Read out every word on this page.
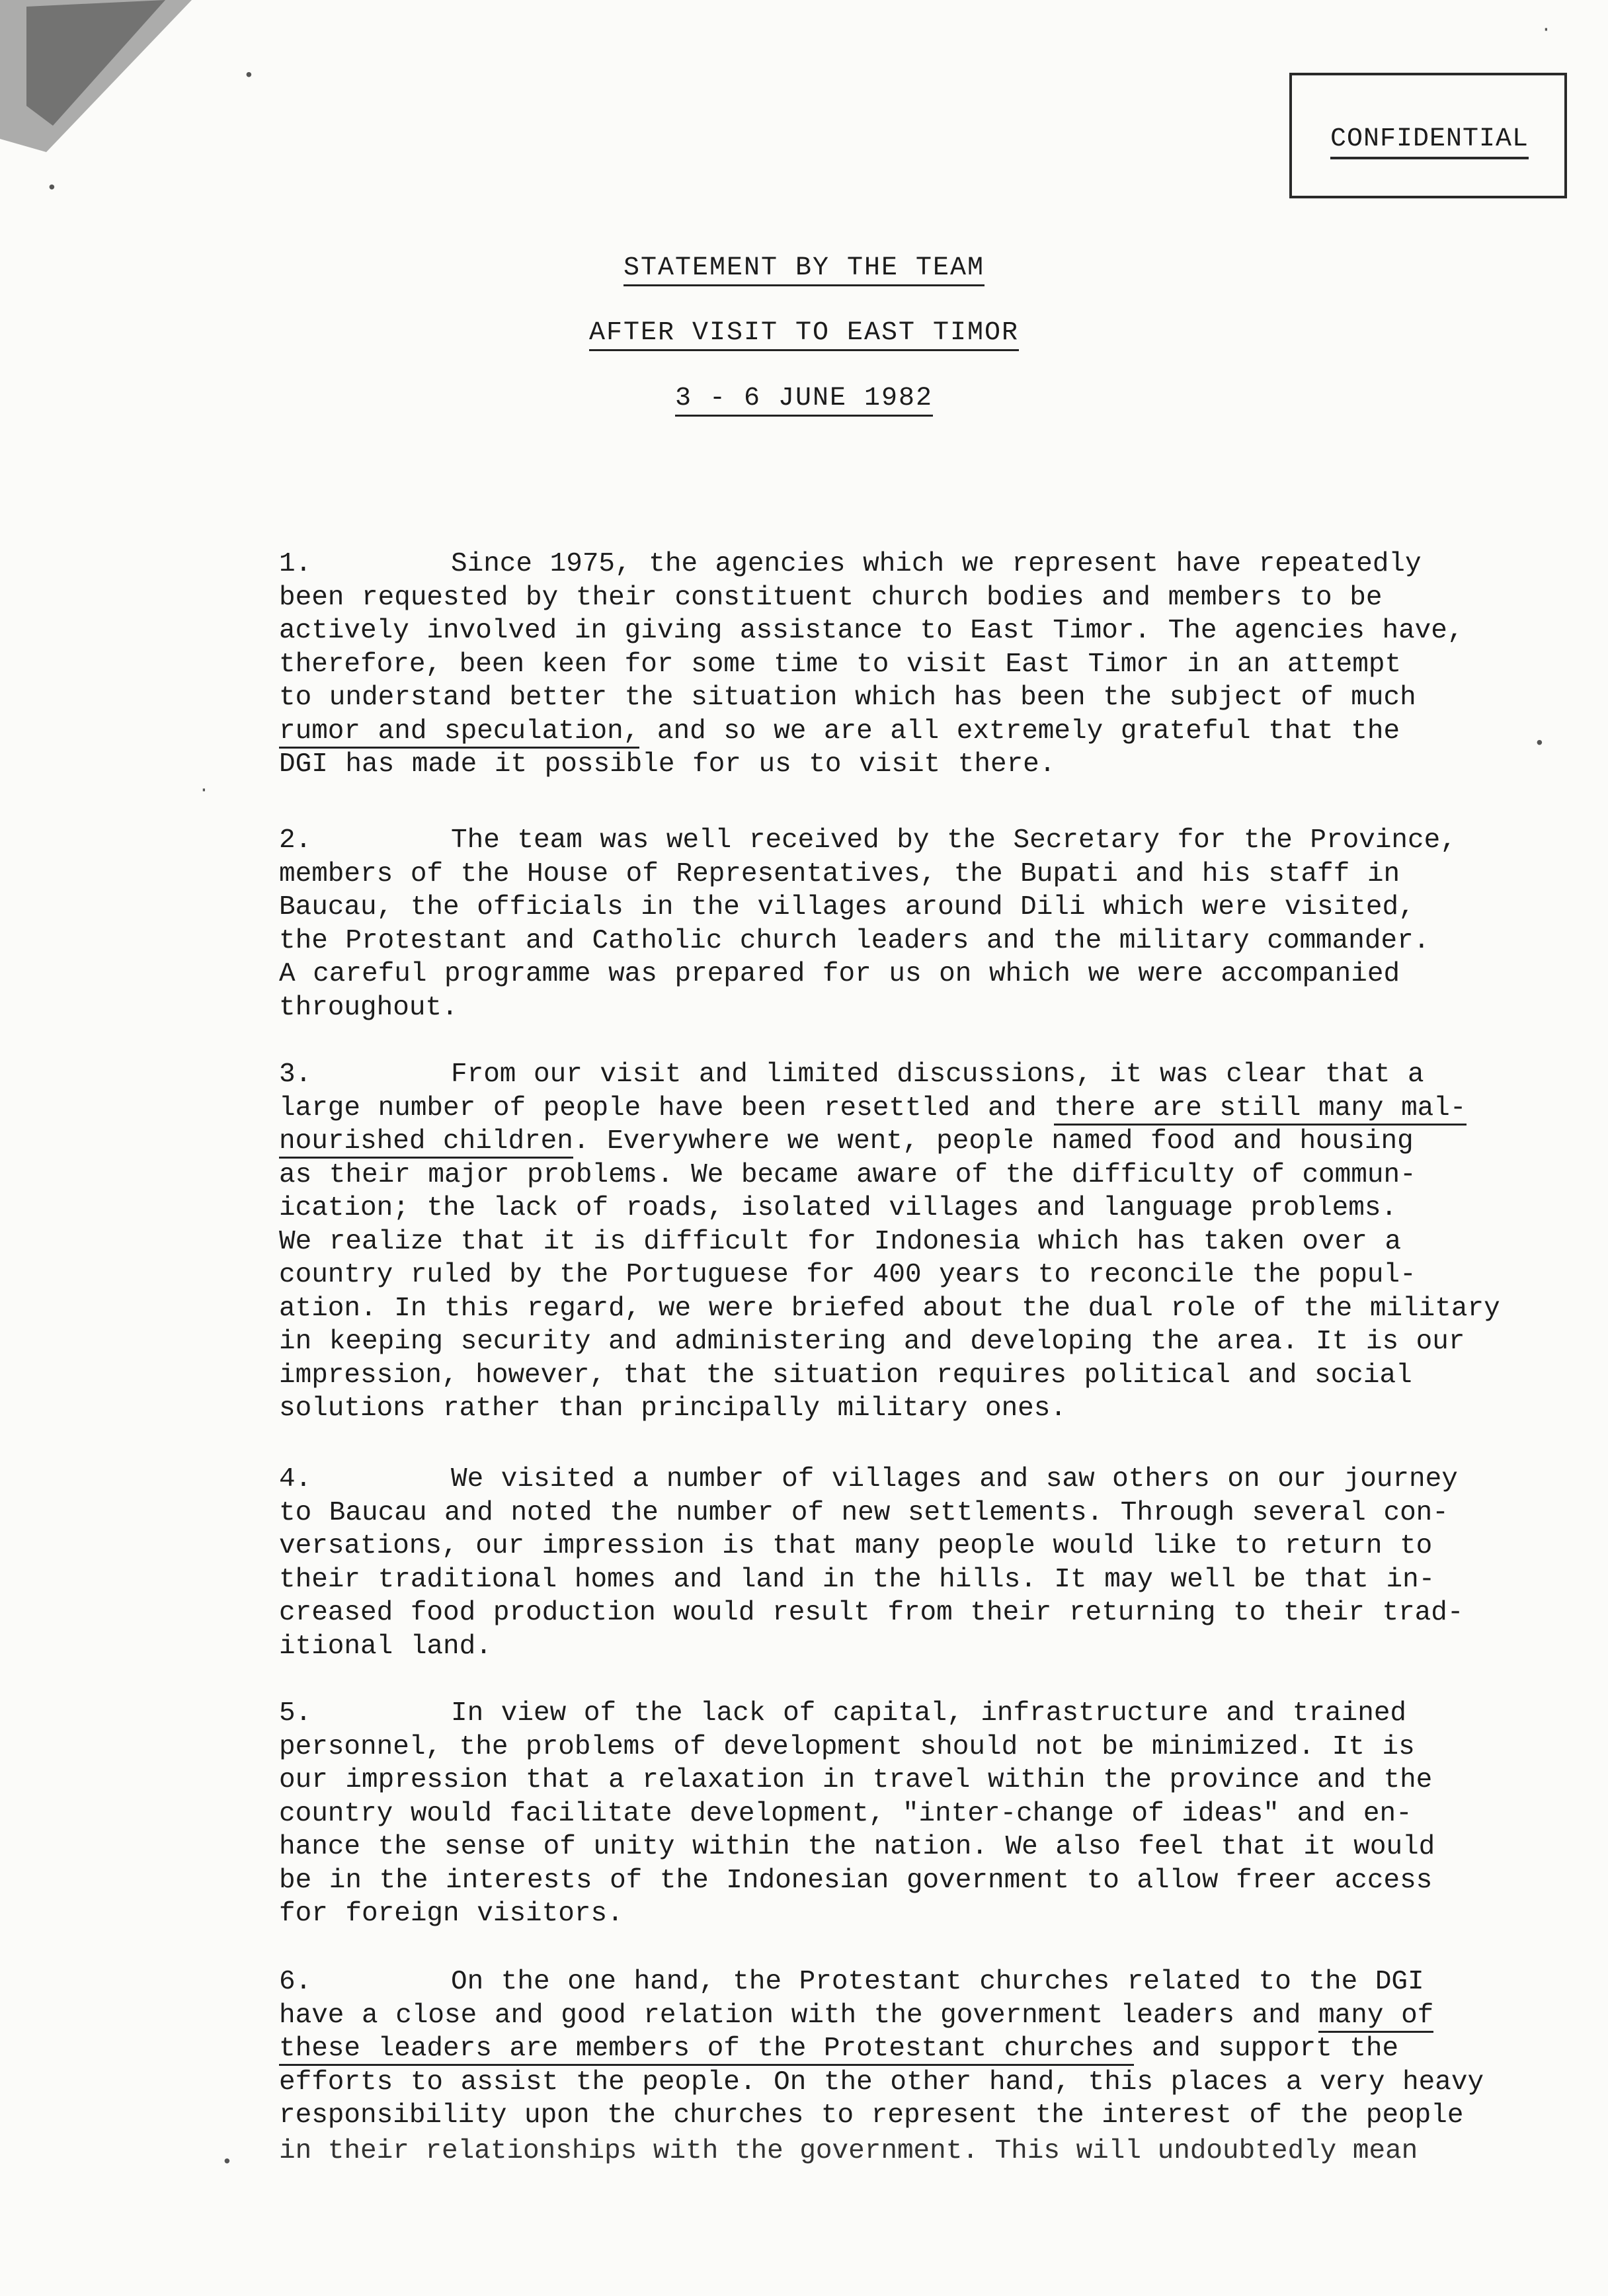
CONFIDENTIAL
STATEMENT BY THE TEAM
AFTER VISIT TO EAST TIMOR
3 - 6 JUNE 1982
1.	Since 1975, the agencies which we represent have repeatedly
been requested by their constituent church bodies and members to be
actively involved in giving assistance to East Timor. The agencies have,
therefore, been keen for some time to visit East Timor in an attempt
to understand better the situation which has been the subject of much
rumor and speculation, and so we are all extremely grateful that the
DGI has made it possible for us to visit there.
2.	The team was well received by the Secretary for the Province,
members of the House of Representatives, the Bupati and his staff in
Baucau, the officials in the villages around Dili which were visited,
the Protestant and Catholic church leaders and the military commander.
A careful programme was prepared for us on which we were accompanied
throughout.
3.	From our visit and limited discussions, it was clear that a
large number of people have been resettled and there are still many mal-
nourished children. Everywhere we went, people named food and housing
as their major problems. We became aware of the difficulty of commun-
ication; the lack of roads, isolated villages and language problems.
We realize that it is difficult for Indonesia which has taken over a
country ruled by the Portuguese for 400 years to reconcile the popul-
ation. In this regard, we were briefed about the dual role of the military
in keeping security and administering and developing the area. It is our
impression, however, that the situation requires political and social
solutions rather than principally military ones.
4.	We visited a number of villages and saw others on our journey
to Baucau and noted the number of new settlements. Through several con-
versations, our impression is that many people would like to return to
their traditional homes and land in the hills. It may well be that in-
creased food production would result from their returning to their trad-
itional land.
5.	In view of the lack of capital, infrastructure and trained
personnel, the problems of development should not be minimized. It is
our impression that a relaxation in travel within the province and the
country would facilitate development, "inter-change of ideas" and en-
hance the sense of unity within the nation. We also feel that it would
be in the interests of the Indonesian government to allow freer access
for foreign visitors.
6.	On the one hand, the Protestant churches related to the DGI
have a close and good relation with the government leaders and many of
these leaders are members of the Protestant churches and support the
efforts to assist the people. On the other hand, this places a very heavy
responsibility upon the churches to represent the interest of the people
in their relationships with the government. This will undoubtedly mean
•
•
·
•
•
·
